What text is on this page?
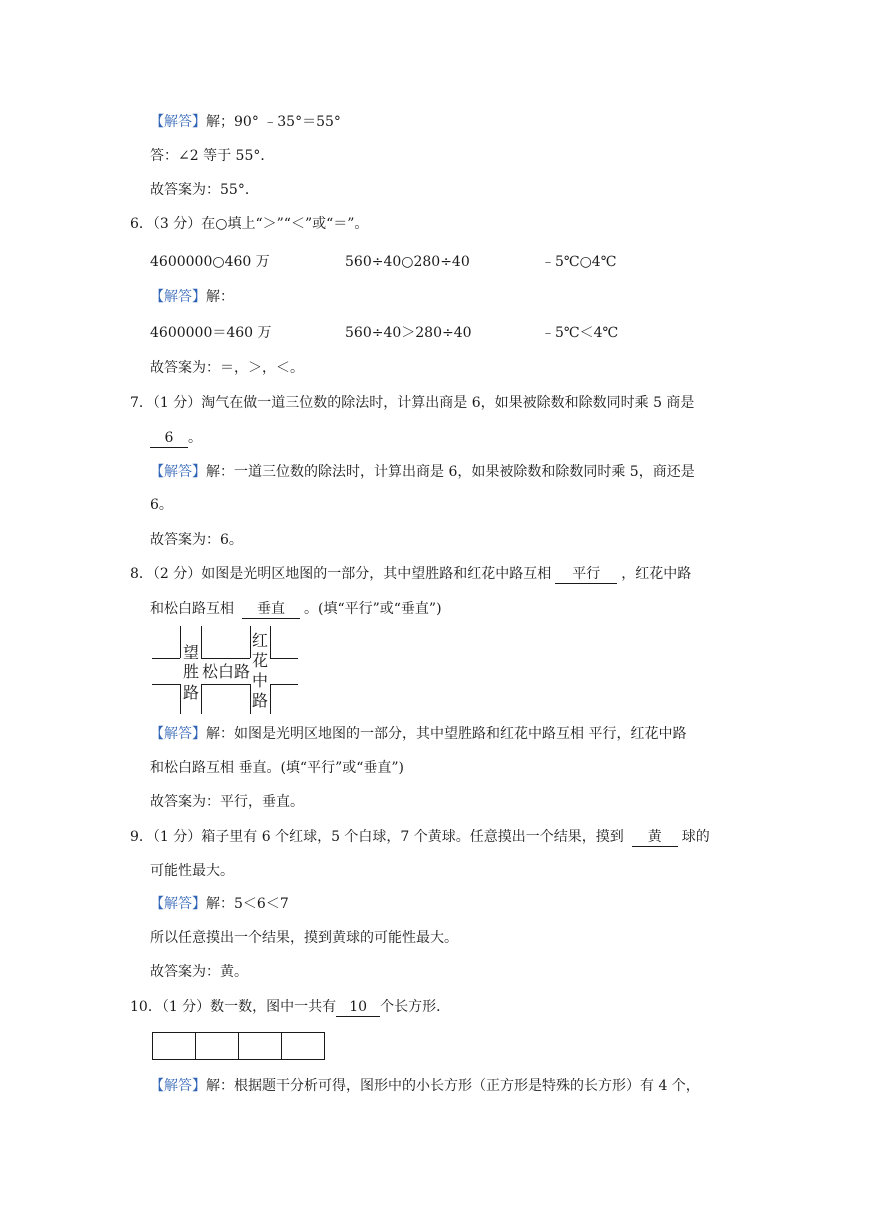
【解答】解；90° ﹣35°＝55°
答：∠2 等于 55°．
故答案为：55°．
6．（3 分）在○填上“＞”“＜”或“＝”。
4600000○460 万	560÷40○280÷40	﹣5℃○4℃
【解答】解：
4600000＝460 万	560÷40＞280÷40	﹣5℃＜4℃
故答案为：＝，＞，＜。
7．（1 分）淘气在做一道三位数的除法时，计算出商是 6，如果被除数和除数同时乘 5 商是
6 。
【解答】解：一道三位数的除法时，计算出商是 6，如果被除数和除数同时乘 5，商还是
6。
故答案为：6。
8．（2 分）如图是光明区地图的一部分，其中望胜路和红花中路互相 平行 ，红花中路
和松白路互相 垂直 。(填“平行”或“垂直”)
望
胜
路
松白路
红
花
中
路
【解答】解：如图是光明区地图的一部分，其中望胜路和红花中路互相 平行，红花中路
和松白路互相 垂直。(填“平行”或“垂直”)
故答案为：平行，垂直。
9．（1 分）箱子里有 6 个红球，5 个白球，7 个黄球。任意摸出一个结果，摸到 黄 球的
可能性最大。
【解答】解：5＜6＜7
所以任意摸出一个结果，摸到黄球的可能性最大。
故答案为：黄。
10．（1 分）数一数，图中一共有 10 个长方形．
【解答】解：根据题干分析可得，图形中的小长方形（正方形是特殊的长方形）有 4 个，
